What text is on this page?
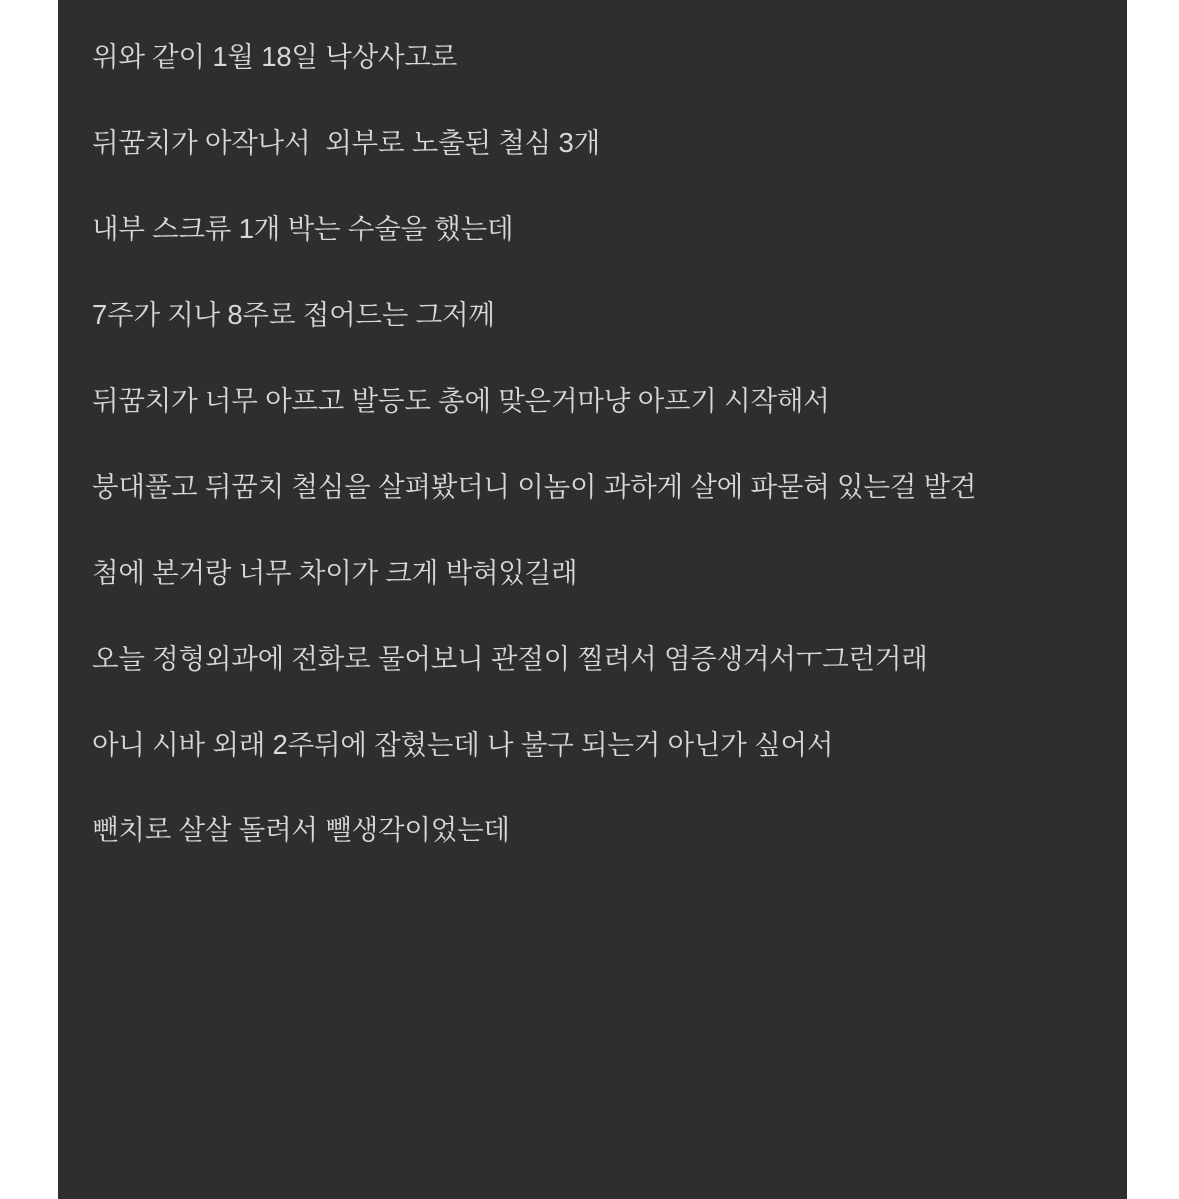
위와 같이 1월 18일 낙상사고로

뒤꿈치가 아작나서  외부로 노출된 철심 3개

내부 스크류 1개 박는 수술을 했는데

7주가 지나 8주로 접어드는 그저께

뒤꿈치가 너무 아프고 발등도 총에 맞은거마냥 아프기 시작해서

붕대풀고 뒤꿈치 철심을 살펴봤더니 이놈이 과하게 살에 파묻혀 있는걸 발견

첨에 본거랑 너무 차이가 크게 박혀있길래

오늘 정형외과에 전화로 물어보니 관절이 찔려서 염증생겨서ㅜ그런거래

아니 시바 외래 2주뒤에 잡혔는데 나 불구 되는거 아닌가 싶어서

뺀치로 살살 돌려서 뺄생각이었는데
